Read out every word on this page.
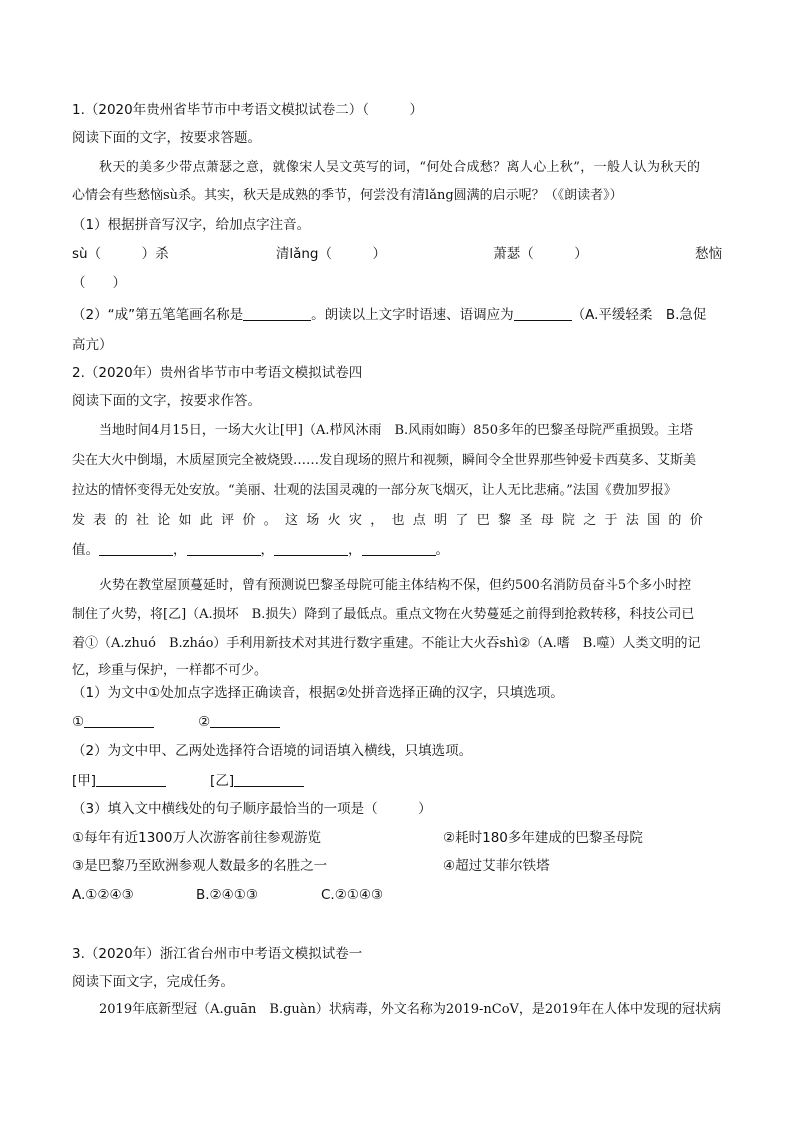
1.（2020年贵州省毕节市中考语文模拟试卷二）（　　　）
阅读下面的文字，按要求答题。
秋天的美多少带点萧瑟之意，就像宋人吴文英写的词，“何处合成愁？离人心上秋”，一般人认为秋天的
心情会有些愁恼sù杀。其实，秋天是成熟的季节，何尝没有清lǎng圆满的启示呢？（《朗读者》）
（1）根据拼音写汉字，给加点字注音。
sù（　　　）杀	清lǎng（　　　）	萧瑟（　　　）	愁恼
（　　）
（2）“成”第五笔笔画名称是	。朗读以上文字时语速、语调应为	（A.平缓轻柔　B.急促
高亢）
2.（2020年）贵州省毕节市中考语文模拟试卷四
阅读下面的文字，按要求作答。
当地时间4月15日，一场大火让[甲]（A.栉风沐雨　B.风雨如晦）850多年的巴黎圣母院严重损毁。主塔
尖在大火中倒塌，木质屋顶完全被烧毁……发自现场的照片和视频，瞬间令全世界那些钟爱卡西莫多、艾斯美
拉达的情怀变得无处安放。“美丽、壮观的法国灵魂的一部分灰飞烟灭，让人无比悲痛。”法国《费加罗报》
发表的社论如此评价。这场火灾，也点明了巴黎圣母院之于法国的价
值。	，	，	，	。
火势在教堂屋顶蔓延时，曾有预测说巴黎圣母院可能主体结构不保，但约500名消防员奋斗5个多小时控
制住了火势，将[乙]（A.损坏　B.损失）降到了最低点。重点文物在火势蔓延之前得到抢救转移，科技公司已
着①（A.zhuó　B.zháo）手利用新技术对其进行数字重建。不能让大火吞shì②（A.嗜　B.噬）人类文明的记
忆，珍重与保护，一样都不可少。
（1）为文中①处加点字选择正确读音，根据②处拼音选择正确的汉字，只填选项。
①	②
（2）为文中甲、乙两处选择符合语境的词语填入横线，只填选项。
[甲]	[乙]
（3）填入文中横线处的句子顺序最恰当的一项是（　　　）
①每年有近1300万人次游客前往参观游览	②耗时180多年建成的巴黎圣母院
③是巴黎乃至欧洲参观人数最多的名胜之一	④超过艾菲尔铁塔
A.①②④③	B.②④①③	C.②①④③
3.（2020年）浙江省台州市中考语文模拟试卷一
阅读下面文字，完成任务。
2019年底新型冠（A.guān　B.guàn）状病毒，外文名称为2019-nCoV，是2019年在人体中发现的冠状病
